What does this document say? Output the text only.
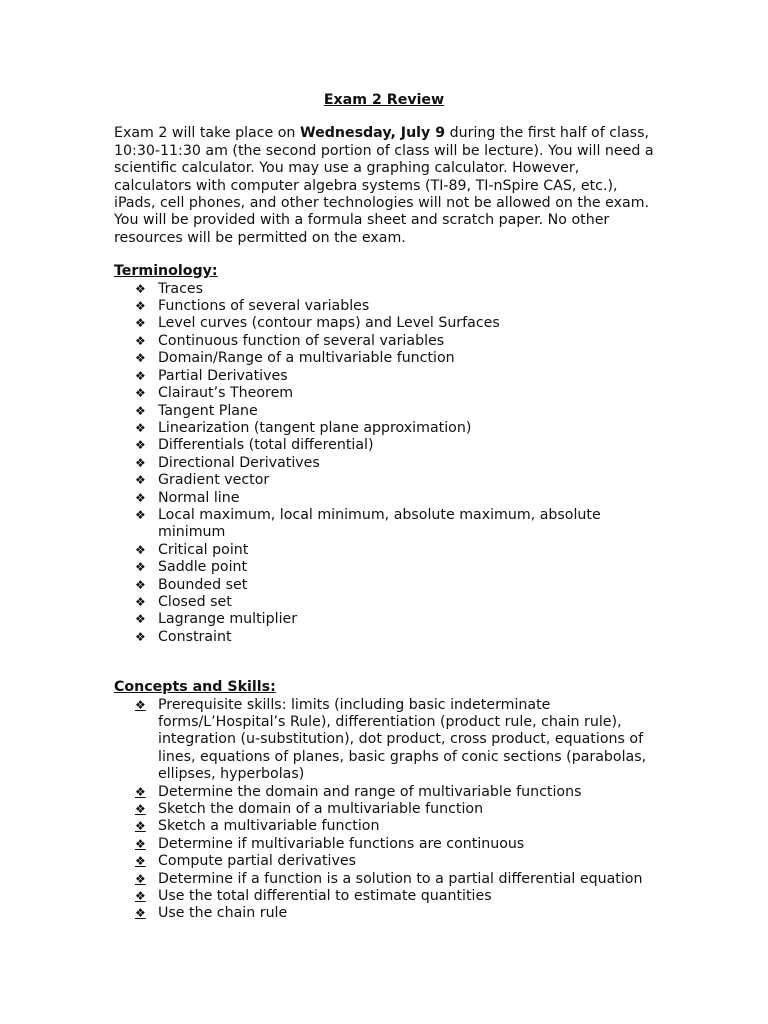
Exam 2 Review

Exam 2 will take place on Wednesday, July 9 during the first half of class, 10:30-11:30 am (the second portion of class will be lecture). You will need a scientific calculator. You may use a graphing calculator. However, calculators with computer algebra systems (TI-89, TI-nSpire CAS, etc.), iPads, cell phones, and other technologies will not be allowed on the exam. You will be provided with a formula sheet and scratch paper. No other resources will be permitted on the exam.

Terminology:

❖ Traces
❖ Functions of several variables
❖ Level curves (contour maps) and Level Surfaces
❖ Continuous function of several variables
❖ Domain/Range of a multivariable function
❖ Partial Derivatives
❖ Clairaut’s Theorem
❖ Tangent Plane
❖ Linearization (tangent plane approximation)
❖ Differentials (total differential)
❖ Directional Derivatives
❖ Gradient vector
❖ Normal line
❖ Local maximum, local minimum, absolute maximum, absolute minimum
❖ Critical point
❖ Saddle point
❖ Bounded set
❖ Closed set
❖ Lagrange multiplier
❖ Constraint

Concepts and Skills:

❖ Prerequisite skills: limits (including basic indeterminate forms/L’Hospital’s Rule), differentiation (product rule, chain rule), integration (u-substitution), dot product, cross product, equations of lines, equations of planes, basic graphs of conic sections (parabolas, ellipses, hyperbolas)
❖ Determine the domain and range of multivariable functions
❖ Sketch the domain of a multivariable function
❖ Sketch a multivariable function
❖ Determine if multivariable functions are continuous
❖ Compute partial derivatives
❖ Determine if a function is a solution to a partial differential equation
❖ Use the total differential to estimate quantities
❖ Use the chain rule
